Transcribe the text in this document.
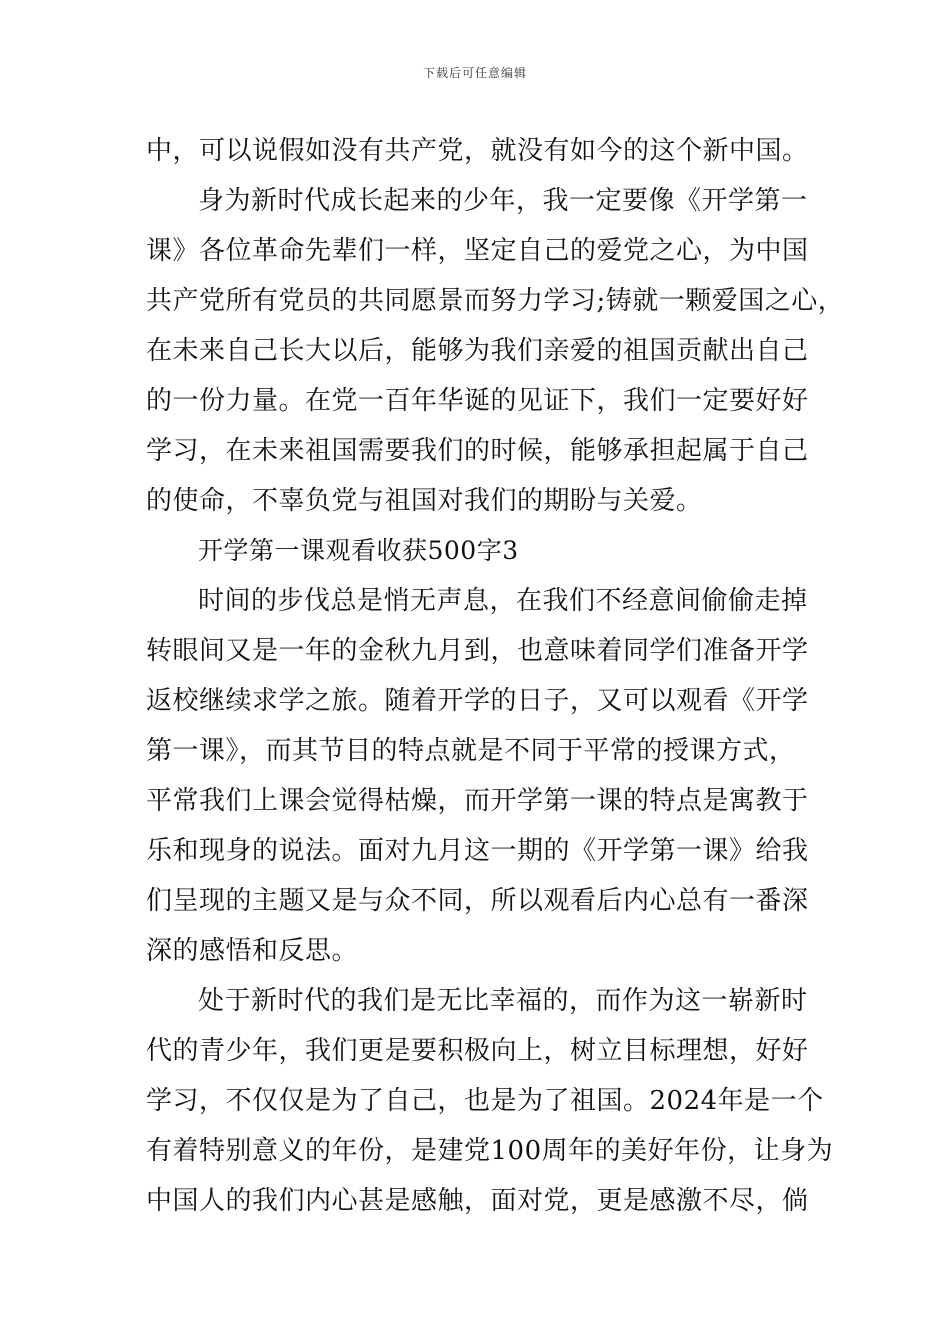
下载后可任意编辑
中，可以说假如没有共产党，就没有如今的这个新中国。
身为新时代成长起来的少年，我一定要像《开学第一
课》各位革命先辈们一样，坚定自己的爱党之心，为中国
共产党所有党员的共同愿景而努力学习;铸就一颗爱国之心，
在未来自己长大以后，能够为我们亲爱的祖国贡献出自己
的一份力量。在党一百年华诞的见证下，我们一定要好好
学习，在未来祖国需要我们的时候，能够承担起属于自己
的使命，不辜负党与祖国对我们的期盼与关爱。
开学第一课观看收获500字3
时间的步伐总是悄无声息，在我们不经意间偷偷走掉
转眼间又是一年的金秋九月到，也意味着同学们准备开学
返校继续求学之旅。随着开学的日子，又可以观看《开学
第一课》，而其节目的特点就是不同于平常的授课方式，
平常我们上课会觉得枯燥，而开学第一课的特点是寓教于
乐和现身的说法。面对九月这一期的《开学第一课》给我
们呈现的主题又是与众不同，所以观看后内心总有一番深
深的感悟和反思。
处于新时代的我们是无比幸福的，而作为这一崭新时
代的青少年，我们更是要积极向上，树立目标理想，好好
学习，不仅仅是为了自己，也是为了祖国。2024年是一个
有着特别意义的年份，是建党100周年的美好年份，让身为
中国人的我们内心甚是感触，面对党，更是感激不尽，倘
